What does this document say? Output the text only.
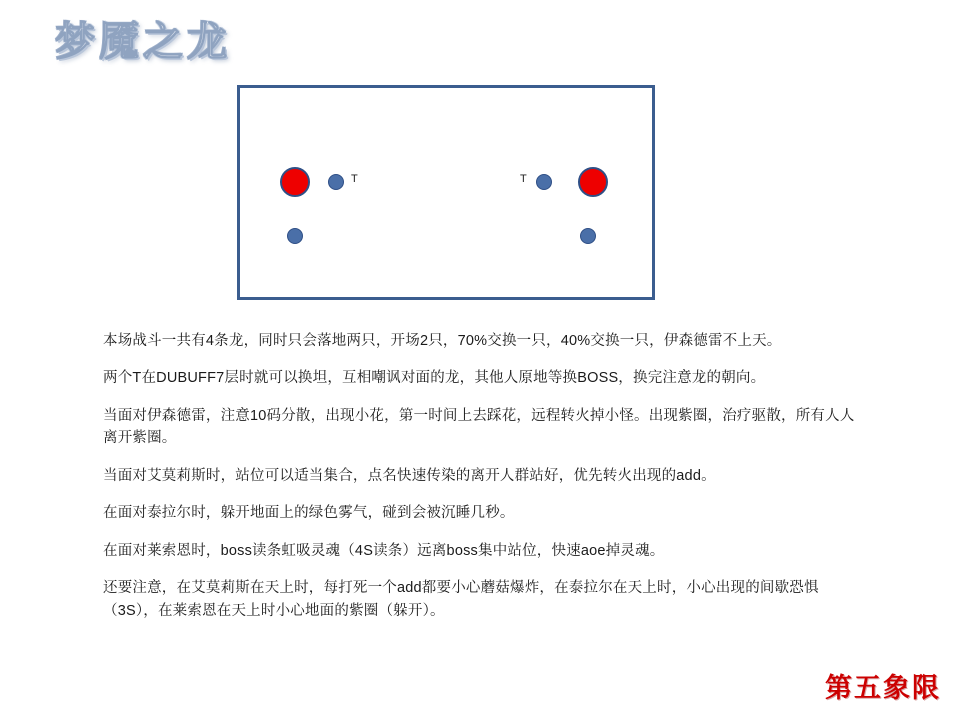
梦魇之龙
T	T

本场战斗一共有4条龙，同时只会落地两只，开场2只，70%交换一只，40%交换一只，伊森德雷不上天。

两个T在DUBUFF7层时就可以换坦，互相嘲讽对面的龙，其他人原地等换BOSS，换完注意龙的朝向。

当面对伊森德雷，注意10码分散，出现小花，第一时间上去踩花，远程转火掉小怪。出现紫圈，治疗驱散，所有人人离开紫圈。

当面对艾莫莉斯时，站位可以适当集合，点名快速传染的离开人群站好，优先转火出现的add。

在面对泰拉尔时，躲开地面上的绿色雾气，碰到会被沉睡几秒。

在面对莱索恩时，boss读条虹吸灵魂（4S读条）远离boss集中站位，快速aoe掉灵魂。

还要注意，在艾莫莉斯在天上时，每打死一个add都要小心蘑菇爆炸，在泰拉尔在天上时，小心出现的间歇恐惧（3S），在莱索恩在天上时小心地面的紫圈（躲开）。

第五象限
